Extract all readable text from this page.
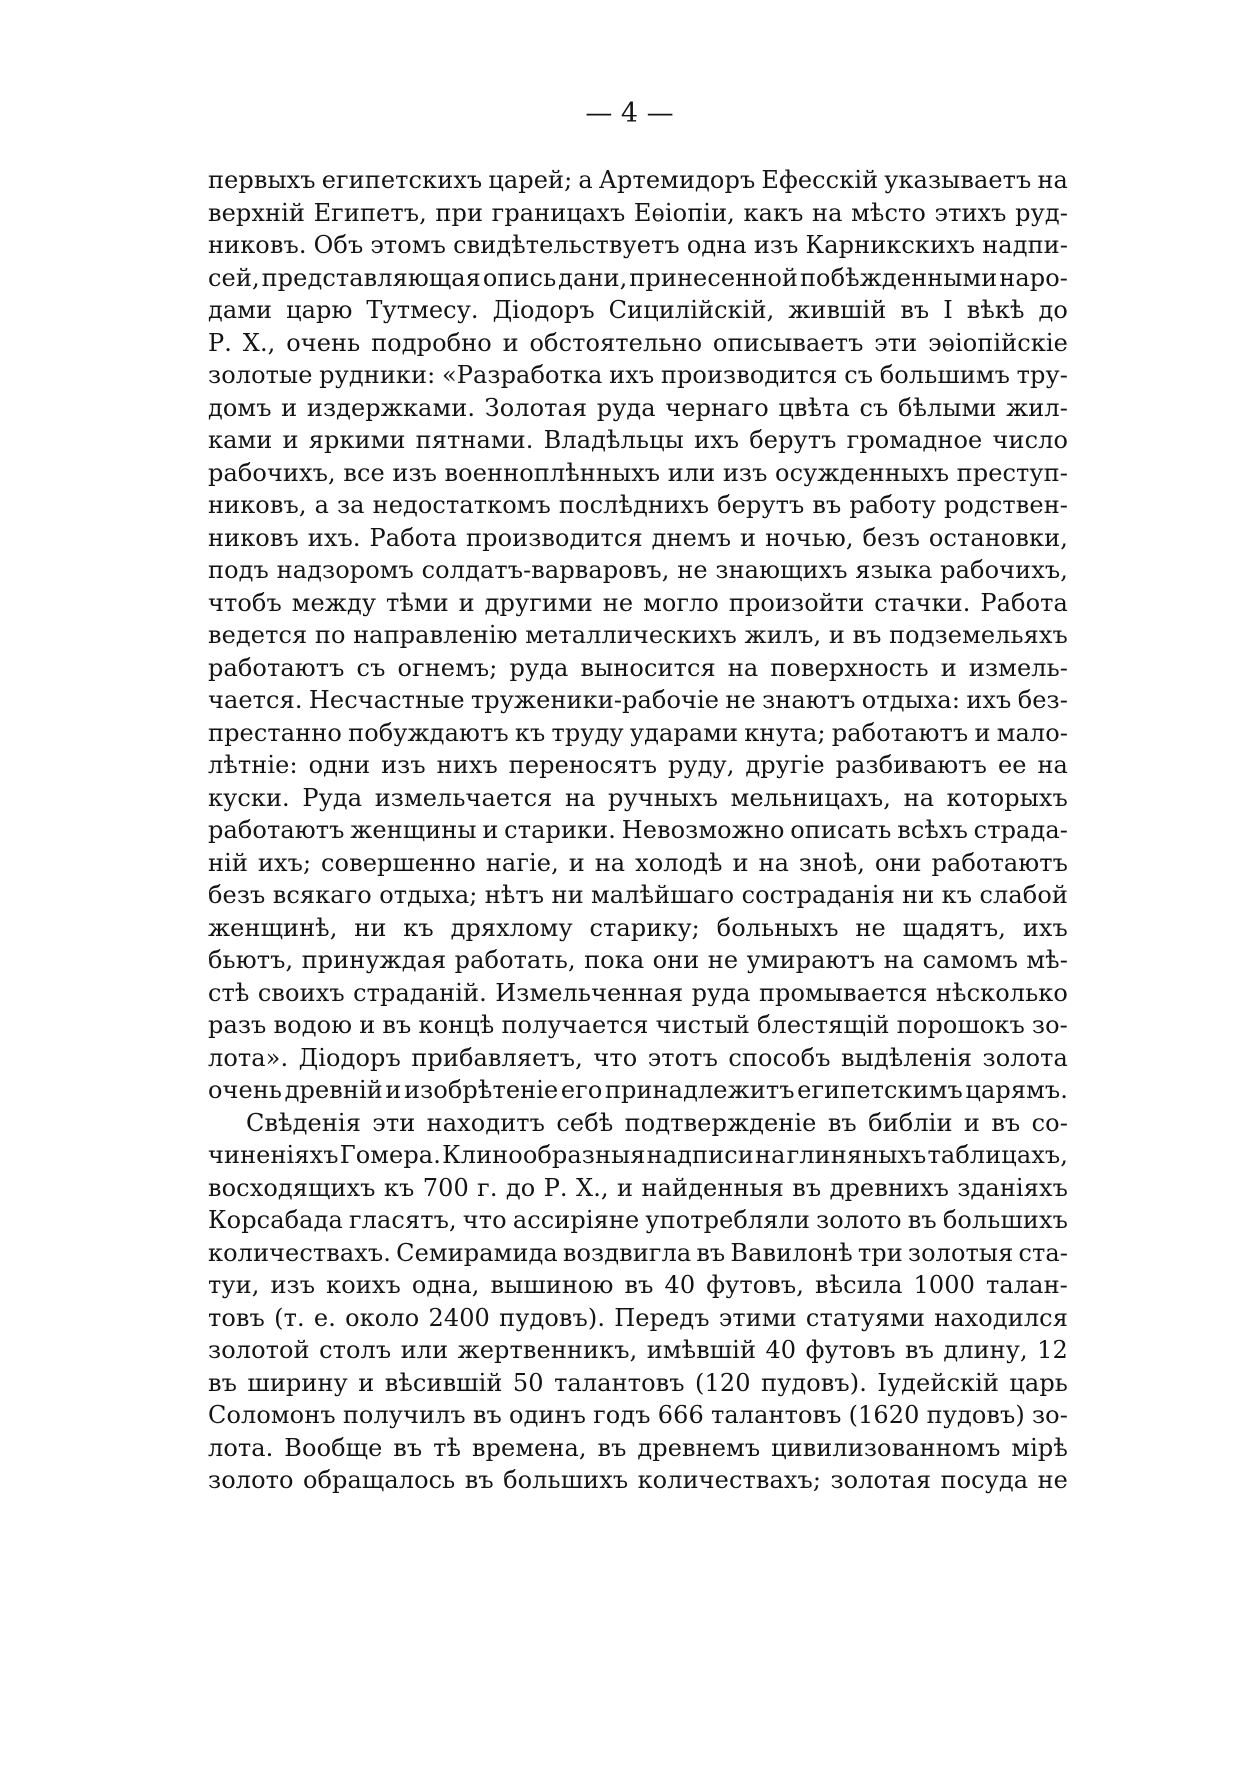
— 4 —
первыхъ египетскихъ царей; а Артемидоръ Ефесскій указываетъ на
верхній Египетъ, при границахъ Еѳіопіи, какъ на мѣсто этихъ руд-
никовъ. Объ этомъ свидѣтельствуетъ одна изъ Карникскихъ надпи-
сей, представляющая опись дани, принесенной побѣжденными наро-
дами царю Тутмесу. Діодоръ Сицилійскій, жившій въ I вѣкѣ до
Р. Х., очень подробно и обстоятельно описываетъ эти эѳіопійскіе
золотые рудники: «Разработка ихъ производится съ большимъ тру-
домъ и издержками. Золотая руда чернаго цвѣта съ бѣлыми жил-
ками и яркими пятнами. Владѣльцы ихъ берутъ громадное число
рабочихъ, все изъ военноплѣнныхъ или изъ осужденныхъ преступ-
никовъ, а за недостаткомъ послѣднихъ берутъ въ работу родствен-
никовъ ихъ. Работа производится днемъ и ночью, безъ остановки,
подъ надзоромъ солдатъ-варваровъ, не знающихъ языка рабочихъ,
чтобъ между тѣми и другими не могло произойти стачки. Работа
ведется по направленію металлическихъ жилъ, и въ подземельяхъ
работаютъ съ огнемъ; руда выносится на поверхность и измель-
чается. Несчастные труженики-рабочіе не знаютъ отдыха: ихъ без-
престанно побуждаютъ къ труду ударами кнута; работаютъ и мало-
лѣтніе: одни изъ нихъ переносятъ руду, другіе разбиваютъ ее на
куски. Руда измельчается на ручныхъ мельницахъ, на которыхъ
работаютъ женщины и старики. Невозможно описать всѣхъ страда-
ній ихъ; совершенно нагіе, и на холодѣ и на зноѣ, они работаютъ
безъ всякаго отдыха; нѣтъ ни малѣйшаго состраданія ни къ слабой
женщинѣ, ни къ дряхлому старику; больныхъ не щадятъ, ихъ
бьютъ, принуждая работать, пока они не умираютъ на самомъ мѣ-
стѣ своихъ страданій. Измельченная руда промывается нѣсколько
разъ водою и въ концѣ получается чистый блестящій порошокъ зо-
лота». Діодоръ прибавляетъ, что этотъ способъ выдѣленія золота
очень древній и изобрѣтеніе его принадлежитъ египетскимъ царямъ.
Свѣденія эти находитъ себѣ подтвержденіе въ библіи и въ со-
чиненіяхъ Гомера. Клинообразныя надписи на глиняныхъ таблицахъ,
восходящихъ къ 700 г. до Р. Х., и найденныя въ древнихъ зданіяхъ
Корсабада гласятъ, что ассиріяне употребляли золото въ большихъ
количествахъ. Семирамида воздвигла въ Вавилонѣ три золотыя ста-
туи, изъ коихъ одна, вышиною въ 40 футовъ, вѣсила 1000 талан-
товъ (т. е. около 2400 пудовъ). Передъ этими статуями находился
золотой столъ или жертвенникъ, имѣвшій 40 футовъ въ длину, 12
въ ширину и вѣсившій 50 талантовъ (120 пудовъ). Іудейскій царь
Соломонъ получилъ въ одинъ годъ 666 талантовъ (1620 пудовъ) зо-
лота. Вообще въ тѣ времена, въ древнемъ цивилизованномъ мірѣ
золото обращалось въ большихъ количествахъ; золотая посуда не
